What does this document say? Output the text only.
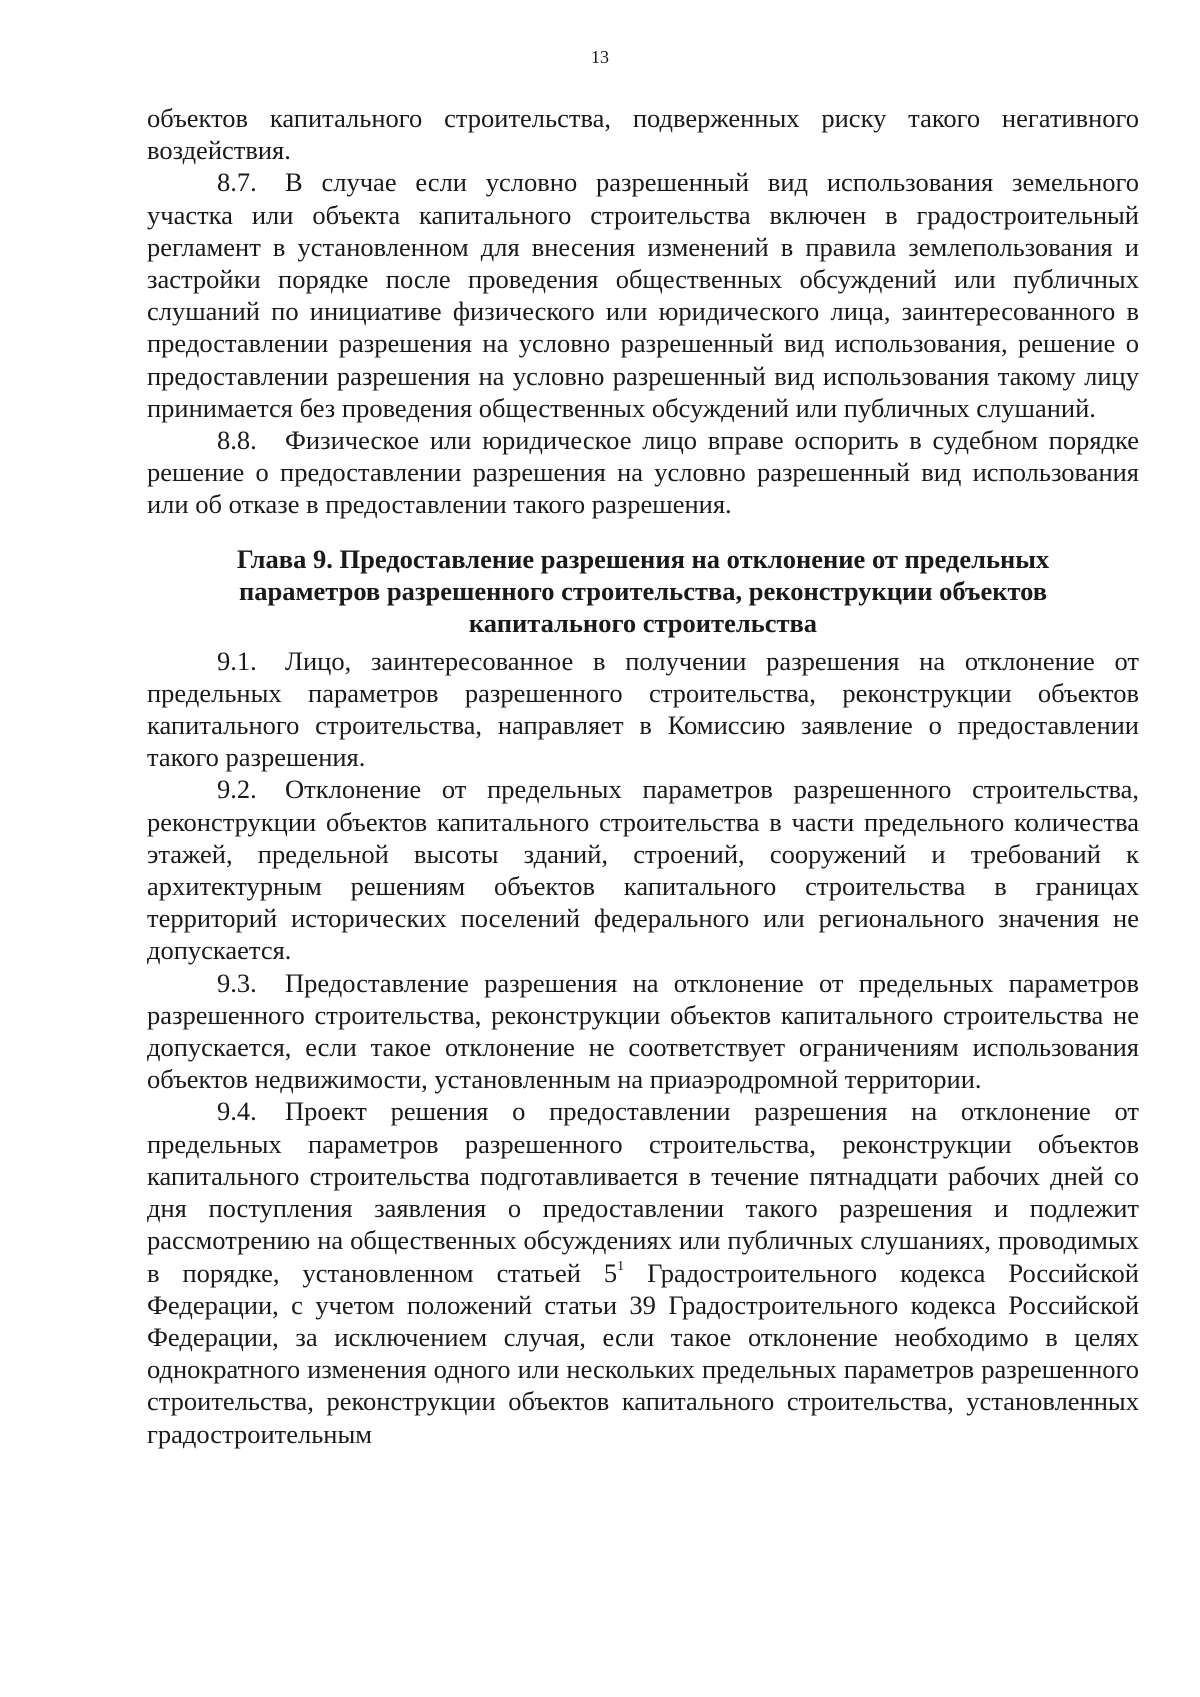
13

объектов капитального строительства, подверженных риску такого негативного воздействия.

8.7. В случае если условно разрешенный вид использования земельного участка или объекта капитального строительства включен в градостроительный регламент в установленном для внесения изменений в правила землепользования и застройки порядке после проведения общественных обсуждений или публичных слушаний по инициативе физического или юридического лица, заинтересованного в предоставлении разрешения на условно разрешенный вид использования, решение о предоставлении разрешения на условно разрешенный вид использования такому лицу принимается без проведения общественных обсуждений или публичных слушаний.

8.8. Физическое или юридическое лицо вправе оспорить в судебном порядке решение о предоставлении разрешения на условно разрешенный вид использования или об отказе в предоставлении такого разрешения.

Глава 9. Предоставление разрешения на отклонение от предельных параметров разрешенного строительства, реконструкции объектов капитального строительства

9.1. Лицо, заинтересованное в получении разрешения на отклонение от предельных параметров разрешенного строительства, реконструкции объектов капитального строительства, направляет в Комиссию заявление о предоставлении такого разрешения.

9.2. Отклонение от предельных параметров разрешенного строительства, реконструкции объектов капитального строительства в части предельного количества этажей, предельной высоты зданий, строений, сооружений и требований к архитектурным решениям объектов капитального строительства в границах территорий исторических поселений федерального или регионального значения не допускается.

9.3. Предоставление разрешения на отклонение от предельных параметров разрешенного строительства, реконструкции объектов капитального строительства не допускается, если такое отклонение не соответствует ограничениям использования объектов недвижимости, установленным на приаэродромной территории.

9.4. Проект решения о предоставлении разрешения на отклонение от предельных параметров разрешенного строительства, реконструкции объектов капитального строительства подготавливается в течение пятнадцати рабочих дней со дня поступления заявления о предоставлении такого разрешения и подлежит рассмотрению на общественных обсуждениях или публичных слушаниях, проводимых в порядке, установленном статьей $5^1$ Градостроительного кодекса Российской Федерации, с учетом положений статьи 39 Градостроительного кодекса Российской Федерации, за исключением случая, если такое отклонение необходимо в целях однократного изменения одного или нескольких предельных параметров разрешенного строительства, реконструкции объектов капитального строительства, установленных градостроительным
